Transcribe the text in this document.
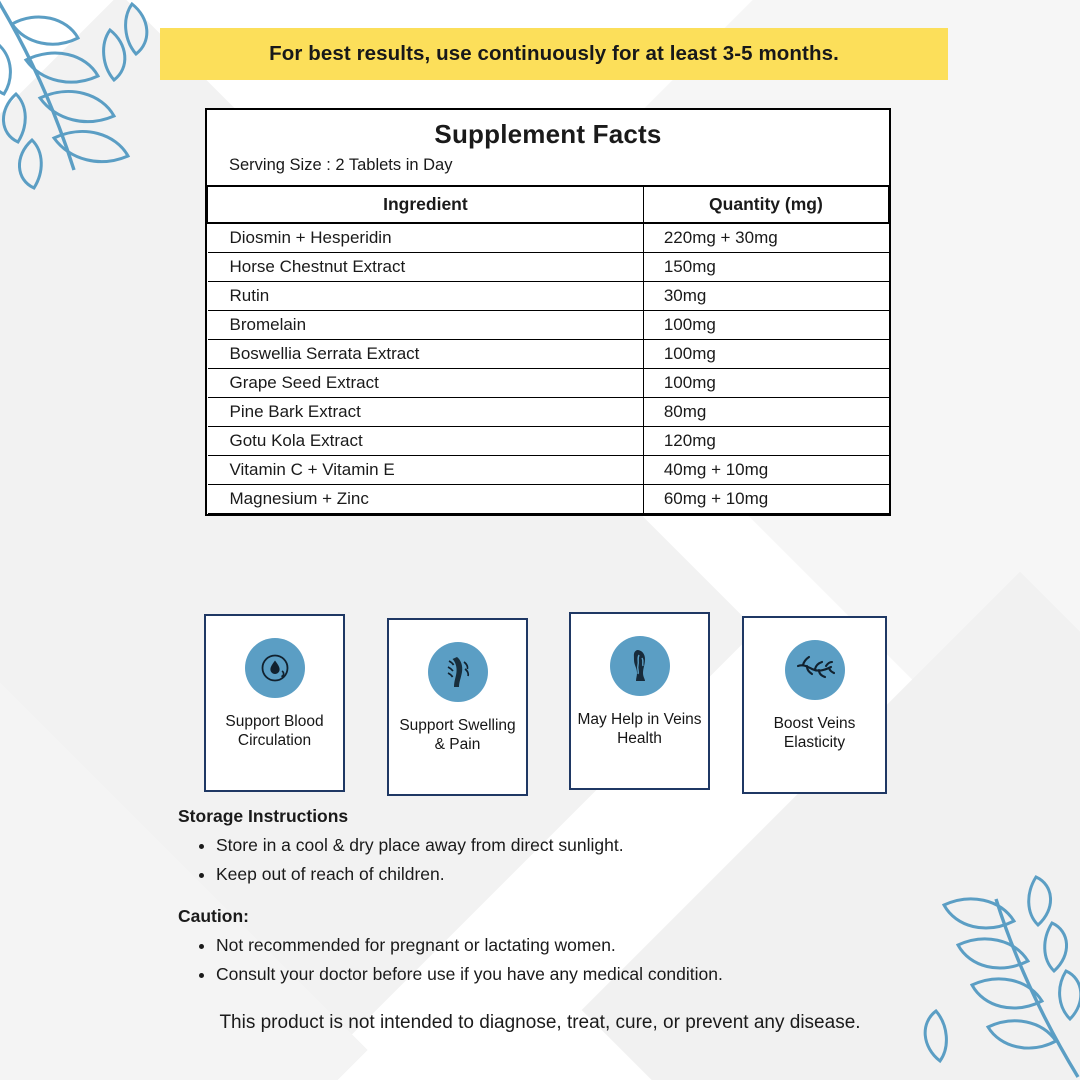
For best results, use continuously for at least 3-5 months.
Supplement Facts
Serving Size : 2 Tablets in Day
Ingredient	Quantity (mg)
Diosmin + Hesperidin	220mg + 30mg
Horse Chestnut Extract	150mg
Rutin	30mg
Bromelain	100mg
Boswellia Serrata Extract	100mg
Grape Seed Extract	100mg
Pine Bark Extract	80mg
Gotu Kola Extract	120mg
Vitamin C + Vitamin E	40mg + 10mg
Magnesium + Zinc	60mg + 10mg
Support Blood Circulation
Support Swelling & Pain
May Help in Veins Health
Boost Veins Elasticity

Storage Instructions

• Store in a cool & dry place away from direct sunlight.
• Keep out of reach of children.

Caution:

• Not recommended for pregnant or lactating women.
• Consult your doctor before use if you have any medical condition.
This product is not intended to diagnose, treat, cure, or prevent any disease.
